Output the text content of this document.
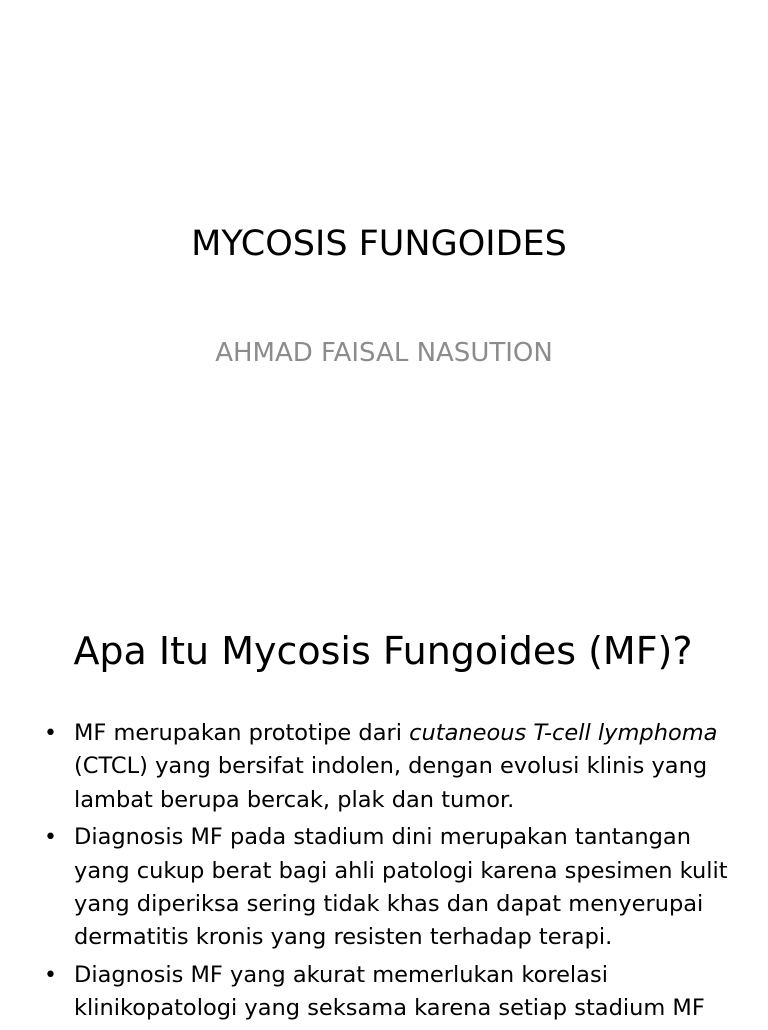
MYCOSIS FUNGOIDES
AHMAD FAISAL NASUTION
Apa Itu Mycosis Fungoides (MF)?
• MF merupakan prototipe dari cutaneous T-cell lymphoma (CTCL) yang bersifat indolen, dengan evolusi klinis yang lambat berupa bercak, plak dan tumor.
• Diagnosis MF pada stadium dini merupakan tantangan yang cukup berat bagi ahli patologi karena spesimen kulit yang diperiksa sering tidak khas dan dapat menyerupai dermatitis kronis yang resisten terhadap terapi.
• Diagnosis MF yang akurat memerlukan korelasi klinikopatologi yang seksama karena setiap stadium MF
